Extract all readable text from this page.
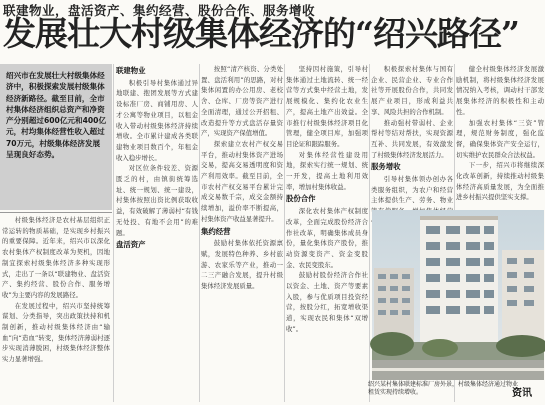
联建物业，盘活资产、集约经营、股份合作、服务增收
发展壮大村级集体经济的“绍兴路径”
绍兴市在发展壮大村级集体经济中，积极探索发展村级集体经济新路径。截至目前，全市村集体经济组织总资产和净资产分别超过600亿元和400亿元，村均集体经营性收入超过70万元，村级集体经济发展呈现良好态势。

村级集体经济是农村基层组织正常运转的物质基础，是实现乡村振兴的重要保障。近年来，绍兴市以深化农村集体产权制度改革为契机，因地制宜探索村级集体经济多种实现形式，走出了一条以“联建物业、盘活资产、集约经营、股份合作、服务增收”为主要内容的发展路径。

在发展过程中，绍兴市坚持统筹谋划、分类指导，突出政策扶持和机制创新，推动村级集体经济由“输血”向“造血”转变，集体经济薄弱村逐步实现消薄脱困，村级集体经济整体实力显著增强。

联建物业

积极引导村集体通过异地联建、抱团发展等方式建设标准厂房、商铺用房、人才公寓等物业项目，以租金收入带动村级集体经济持续增收。全市累计建成各类联建物业项目数百个，年租金收入稳步增长。

对区位条件较差、资源匮乏的村，由镇街统筹选址、统一规划、统一建设，村集体按照出资比例获取收益，有效破解了薄弱村“有钱无处投、有地不会用”的难题。

盘活资产

按照“清产核资、分类处置、盘活利用”的思路，对村集体闲置的办公用房、老校舍、仓库、厂房等资产进行全面清理，通过公开招租、改造提升等方式盘活存量资产，实现资产保值增值。

探索建立农村产权交易平台，推动村集体资产进场交易，提高交易透明度和资产利用效率。截至目前，全市农村产权交易平台累计完成交易数千宗，成交金额持续增加，溢价率不断提高，村集体资产收益显著提升。

集约经营

鼓励村集体依托资源禀赋，发展特色种养、乡村旅游、农家乐等产业，推动一二三产融合发展，提升村级集体经济发展质量。

坚持因村施策，引导村集体通过土地流转、统一经营等方式集中经营土地，发展规模化、集约化农业生产，提高土地产出效益。全市推行村级集体经济项目化管理，健全项目库，加强项目论证和跟踪服务。

对集体经营性建设用地，探索实行统一规划、统一开发，提高土地利用效率，增加村集体收益。

股份合作

深化农村集体产权制度改革，全面完成股份经济合作社改革，明确集体成员身份，量化集体资产股份，推动资源变资产、资金变股金、农民变股东。

鼓励村股份经济合作社以资金、土地、资产等要素入股，参与优质项目投资经营，按股分红，拓宽增收渠道，实现农民和集体“双增收”。

积极探索村集体与国有企业、民营企业、专业合作社等开展股份合作，共同发展产业项目，形成利益共享、风险共担的合作机制。

推动强村带弱村、企业帮村等结对帮扶，实现资源互补、共同发展，有效激发了村级集体经济发展活力。

服务增收

引导村集体领办创办各类服务组织，为农户和经营主体提供生产、劳务、物业

健全村级集体经济发展激励机制，将村级集体经济发展情况纳入考核，调动村干部发展集体经济的积极性和主动性。

加强农村集体“三资”管理，规范财务制度，强化监督，确保集体资产安全运行，切实维护农民群众合法权益。

下一步，绍兴市将继续深化改革创新，持续推动村级集体经济高质量发展，为全面推进乡村振兴提供坚实支撑。

绍兴某村集体联建标准厂房外景，村级集体经济通过物业租赁实现持续增收。	资讯
